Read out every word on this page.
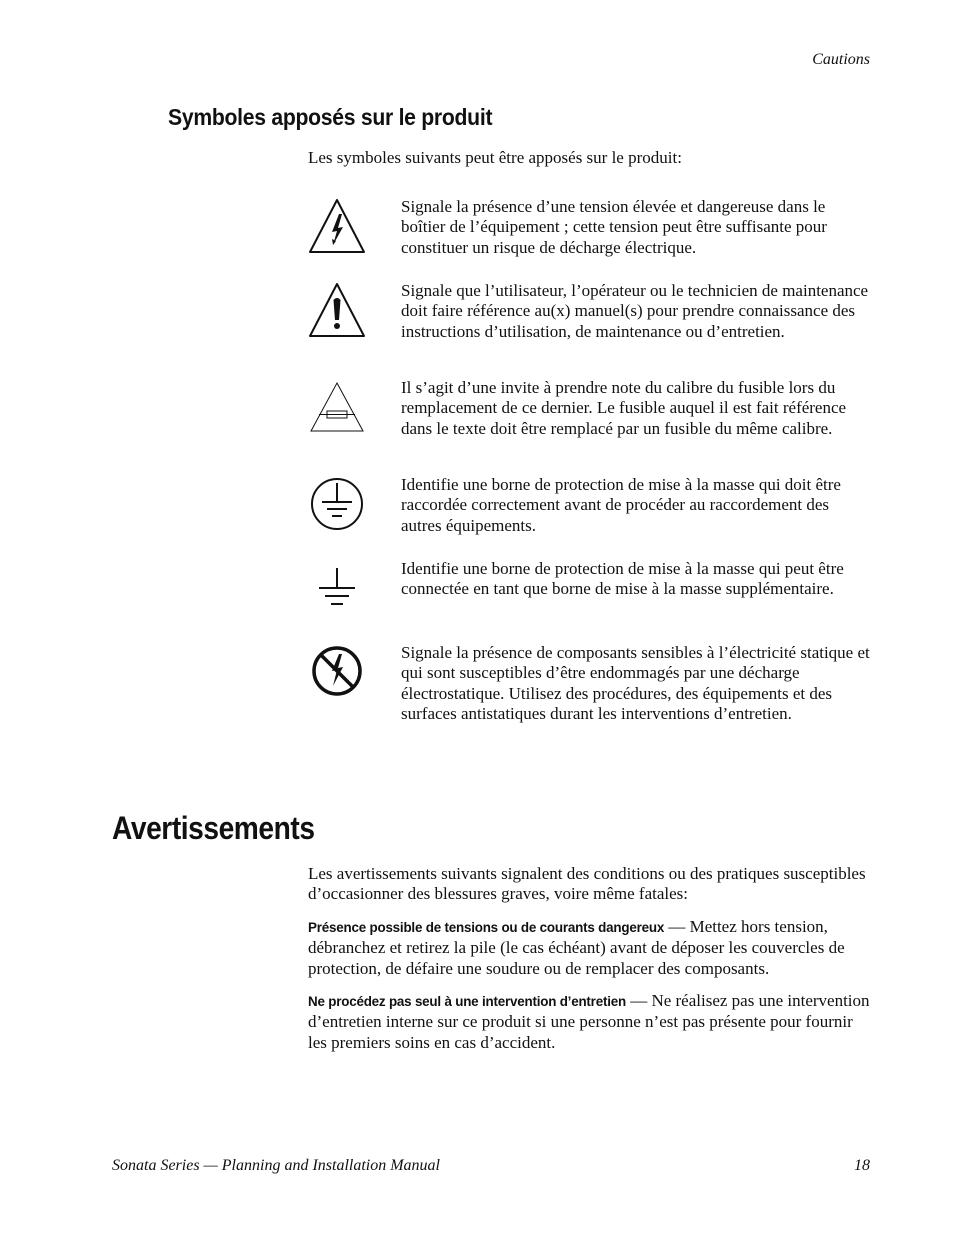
Cautions
Symboles apposés sur le produit

Les symboles suivants peut être apposés sur le produit:

Signale la présence d’une tension élevée et dangereuse dans le boîtier de l’équipement ; cette tension peut être suffisante pour constituer un risque de décharge électrique.

Signale que l’utilisateur, l’opérateur ou le technicien de maintenance doit faire référence au(x) manuel(s) pour prendre connaissance des instructions d’utilisation, de maintenance ou d’entretien.

Il s’agit d’une invite à prendre note du calibre du fusible lors du remplacement de ce dernier. Le fusible auquel il est fait référence dans le texte doit être remplacé par un fusible du même calibre.

Identifie une borne de protection de mise à la masse qui doit être raccordée correctement avant de procéder au raccordement des autres équipements.

Identifie une borne de protection de mise à la masse qui peut être connectée en tant que borne de mise à la masse supplémentaire.

Signale la présence de composants sensibles à l’électricité statique et qui sont susceptibles d’être endommagés par une décharge électrostatique. Utilisez des procédures, des équipements et des surfaces antistatiques durant les interventions d’entretien.

Avertissements

Les avertissements suivants signalent des conditions ou des pratiques susceptibles d’occasionner des blessures graves, voire même fatales:

Présence possible de tensions ou de courants dangereux — Mettez hors tension, débranchez et retirez la pile (le cas échéant) avant de déposer les couvercles de protection, de défaire une soudure ou de remplacer des composants.

Ne procédez pas seul à une intervention d’entretien — Ne réalisez pas une intervention d’entretien interne sur ce produit si une personne n’est pas présente pour fournir les premiers soins en cas d’accident.

Sonata Series — Planning and Installation Manual	18
